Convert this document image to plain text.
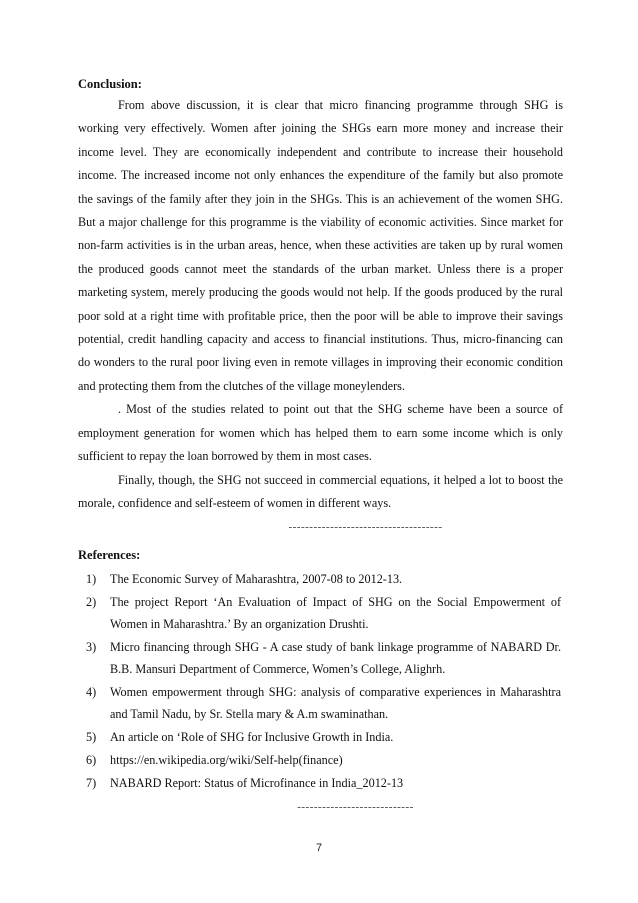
Conclusion:

From above discussion, it is clear that micro financing programme through SHG is working very effectively. Women after joining the SHGs earn more money and increase their income level. They are economically independent and contribute to increase their household income. The increased income not only enhances the expenditure of the family but also promote the savings of the family after they join in the SHGs. This is an achievement of the women SHG. But a major challenge for this programme is the viability of economic activities. Since market for non-farm activities is in the urban areas, hence, when these activities are taken up by rural women the produced goods cannot meet the standards of the urban market. Unless there is a proper marketing system, merely producing the goods would not help. If the goods produced by the rural poor sold at a right time with profitable price, then the poor will be able to improve their savings potential, credit handling capacity and access to financial institutions. Thus, micro-financing can do wonders to the rural poor living even in remote villages in improving their economic condition and protecting them from the clutches of the village moneylenders.

. Most of the studies related to point out that the SHG scheme have been a source of employment generation for women which has helped them to earn some income which is only sufficient to repay the loan borrowed by them in most cases.

Finally, though, the SHG not succeed in commercial equations, it helped a lot to boost the morale, confidence and self-esteem of women in different ways.

-------------------------------------
References:
1) The Economic Survey of Maharashtra, 2007-08 to 2012-13.
2) The project Report ‘An Evaluation of Impact of SHG on the Social Empowerment of Women in Maharashtra.’ By an organization Drushti.
3) Micro financing through SHG - A case study of bank linkage programme of NABARD Dr. B.B. Mansuri Department of Commerce, Women’s College, Alighrh.
4) Women empowerment through SHG: analysis of comparative experiences in Maharashtra and Tamil Nadu, by Sr. Stella mary & A.m swaminathan.
5) An article on ‘Role of SHG for Inclusive Growth in India.
6) https://en.wikipedia.org/wiki/Self-help(finance)
7) NABARD Report: Status of Microfinance in India_2012-13
----------------------------
7
